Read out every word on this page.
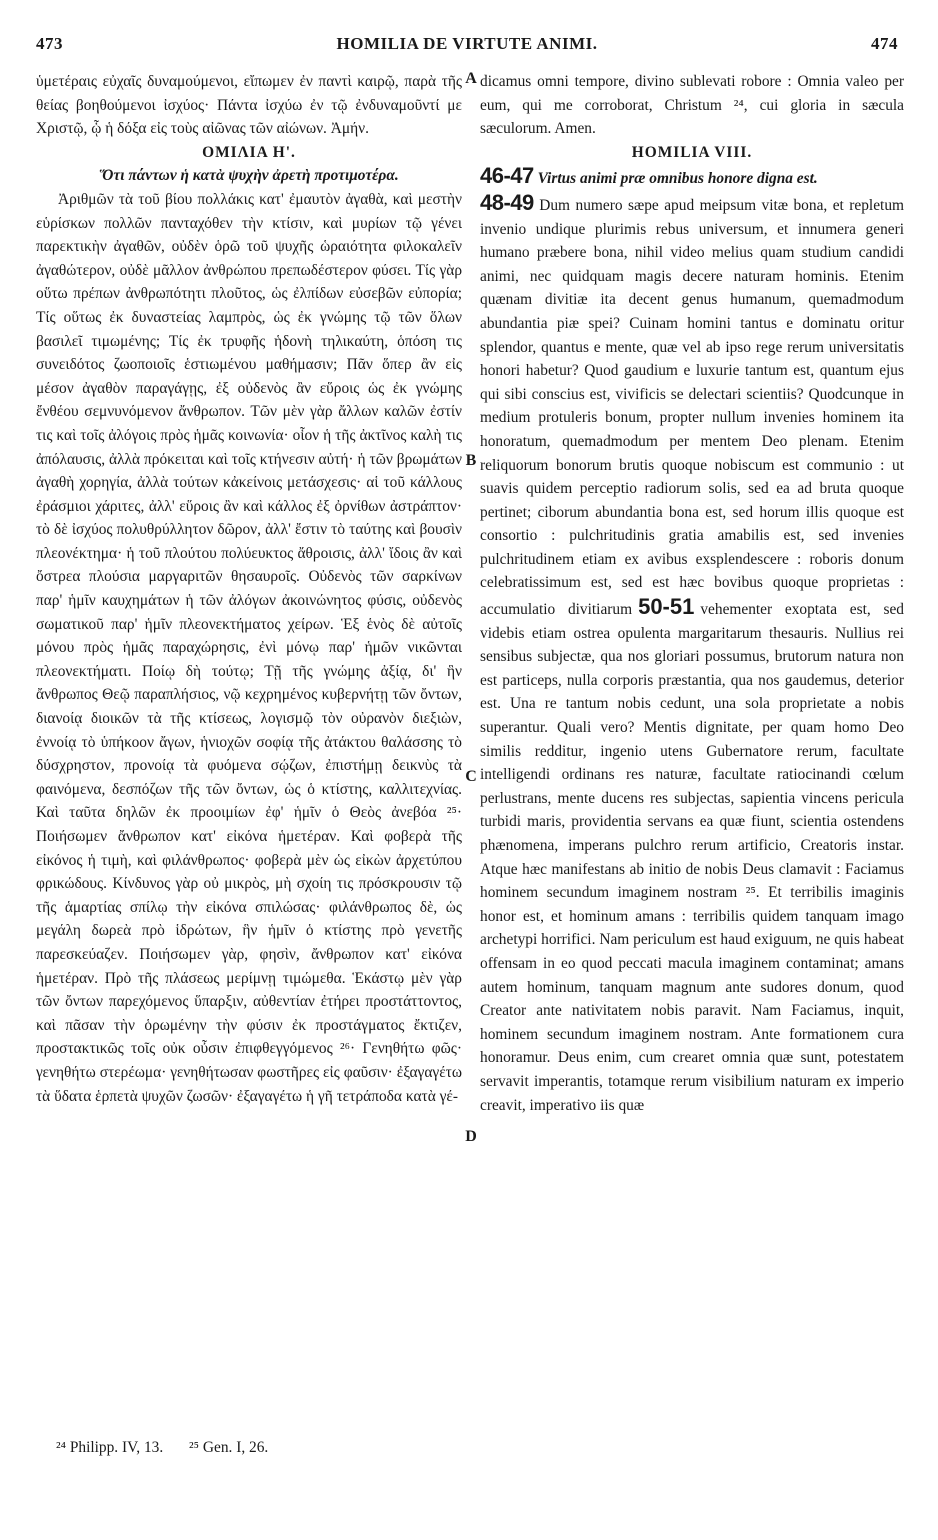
473	HOMILIA DE VIRTUTE ANIMI.	474

ὑμετέραις εὐχαῖς δυναμούμενοι, εἴπωμεν ἐν παντὶ καιρῷ, παρὰ τῆς θείας βοηθούμενοι ἰσχύος· Πάντα ἰσχύω ἐν τῷ ἐνδυναμοῦντί με Χριστῷ, ᾧ ἡ δόξα εἰς τοὺς αἰῶνας τῶν αἰώνων. Ἀμήν.

ΟΜΙΛΙΑ Η'.

Ὅτι πάντων ἡ κατὰ ψυχὴν ἀρετὴ προτιμοτέρα.

Ἀριθμῶν τὰ τοῦ βίου πολλάκις κατ' ἐμαυτὸν ἀγαθὰ, καὶ μεστὴν εὑρίσκων πολλῶν πανταχόθεν τὴν κτίσιν, καὶ μυρίων τῷ γένει παρεκτικὴν ἀγαθῶν, οὐδὲν ὁρῶ τοῦ ψυχῆς ὡραιότητα φιλοκαλεῖν ἀγαθώτερον, οὐδὲ μᾶλλον ἀνθρώπου πρεπωδέστερον φύσει. Τίς γὰρ οὕτω πρέπων ἀνθρωπότητι πλοῦτος, ὡς ἐλπίδων εὐσεβῶν εὐπορία; Τίς οὕτως ἐκ δυναστείας λαμπρὸς, ὡς ἐκ γνώμης τῷ τῶν ὅλων βασιλεῖ τιμωμένης; Τίς ἐκ τρυφῆς ἡδονὴ τηλικαύτη, ὁπόση τις συνειδότος ζωοποιοῖς ἑστιωμένου μαθήμασιν; Πᾶν ὅπερ ἂν εἰς μέσον ἀγαθὸν παραγάγῃς, ἐξ οὐδενὸς ἂν εὕροις ὡς ἐκ γνώμης ἔνθέου σεμνυνόμενον ἄνθρωπον. Τῶν μὲν γὰρ ἄλλων καλῶν ἐστίν τις καὶ τοῖς ἀλόγοις πρὸς ἡμᾶς κοινωνία· οἷον ἡ τῆς ἀκτῖνος καλὴ τις ἀπόλαυσις, ἀλλὰ πρόκειται καὶ τοῖς κτήνεσιν αὐτή· ἡ τῶν βρωμάτων ἀγαθὴ χορηγία, ἀλλὰ τούτων κἀκείνοις μετάσχεσις· αἱ τοῦ κάλλους ἐράσμιοι χάριτες, ἀλλ' εὕροις ἂν καὶ κάλλος ἐξ ὀρνίθων ἀστράπτον· τὸ δὲ ἰσχύος πολυθρύλλητον δῶρον, ἀλλ' ἔστιν τὸ ταύτης καὶ βουσὶν πλεονέκτημα· ἡ τοῦ πλούτου πολύευκτος ἄθροισις, ἀλλ' ἴδοις ἂν καὶ ὄστρεα πλούσια μαργαριτῶν θησαυροῖς. Οὐδενὸς τῶν σαρκίνων παρ' ἡμῖν καυχημάτων ἡ τῶν ἀλόγων ἀκοινώνητος φύσις, οὐδενὸς σωματικοῦ παρ' ἡμῖν πλεονεκτήματος χείρων. Ἑξ ἑνὸς δὲ αὐτοῖς μόνου πρὸς ἡμᾶς παραχώρησις, ἐνὶ μόνῳ παρ' ἡμῶν νικῶνται πλεονεκτήματι. Ποίῳ δὴ τούτῳ; Τῇ τῆς γνώμης ἀξίᾳ, δι' ἣν ἄνθρωπος Θεῷ παραπλήσιος, νῷ κεχρημένος κυβερνήτῃ τῶν ὄντων, διανοίᾳ διοικῶν τὰ τῆς κτίσεως, λογισμῷ τὸν οὐρανὸν διεξιὼν, ἐννοίᾳ τὸ ὑπήκοον ἄγων, ἡνιοχῶν σοφίᾳ τῆς ἀτάκτου θαλάσσης τὸ δύσχρηστον, προνοίᾳ τὰ φυόμενα σῴζων, ἐπιστήμῃ δεικνὺς τὰ φαινόμενα, δεσπόζων τῆς τῶν ὄντων, ὡς ὁ κτίστης, καλλιτεχνίας. Καὶ ταῦτα δηλῶν ἐκ προοιμίων ἐφ' ἡμῖν ὁ Θεὸς ἀνεβόα ²⁵· Ποιήσωμεν ἄνθρωπον κατ' εἰκόνα ἡμετέραν. Καὶ φοβερὰ τῆς εἰκόνος ἡ τιμὴ, καὶ φιλάνθρωπος· φοβερὰ μὲν ὡς εἰκὼν ἀρχετύπου φρικώδους. Κίνδυνος γὰρ οὐ μικρὸς, μὴ σχοίη τις πρόσκρουσιν τῷ τῆς ἁμαρτίας σπίλῳ τὴν εἰκόνα σπιλώσας· φιλάνθρωπος δὲ, ὡς μεγάλη δωρεὰ πρὸ ἱδρώτων, ἣν ἡμῖν ὁ κτίστης πρὸ γενετῆς παρεσκεύαζεν. Ποιήσωμεν γὰρ, φησὶν, ἄνθρωπον κατ' εἰκόνα ἡμετέραν. Πρὸ τῆς πλάσεως μερίμνῃ τιμώμεθα. Ἑκάστῳ μὲν γὰρ τῶν ὄντων παρεχόμενος ὕπαρξιν, αὐθεντίαν ἐτήρει προστάττοντος, καὶ πᾶσαν τὴν ὁρωμένην τὴν φύσιν ἐκ προστάγματος ἔκτιζεν, προστακτικῶς τοῖς οὐκ οὖσιν ἐπιφθεγγόμενος ²⁶· Γενηθήτω φῶς· γενηθήτω στερέωμα· γενηθήτωσαν φωστῆρες εἰς φαῦσιν· ἐξαγαγέτω τὰ ὕδατα ἑρπετὰ ψυχῶν ζωσῶν· ἐξαγαγέτω ἡ γῆ τετράποδα κατὰ γέ-

A
B
C
D

dicamus omni tempore, divino sublevati robore : Omnia valeo per eum, qui me corroborat, Christum ²⁴, cui gloria in sæcula sæculorum. Amen.

HOMILIA VIII.

46-47 Virtus animi præ omnibus honore digna est.

48-49 Dum numero sæpe apud meipsum vitæ bona, et repletum invenio undique plurimis rebus universum, et innumera generi humano præbere bona, nihil video melius quam studium candidi animi, nec quidquam magis decere naturam hominis. Etenim quænam divitiæ ita decent genus humanum, quemadmodum abundantia piæ spei? Cuinam homini tantus e dominatu oritur splendor, quantus e mente, quæ vel ab ipso rege rerum universitatis honori habetur? Quod gaudium e luxurie tantum est, quantum ejus qui sibi conscius est, vivificis se delectari scientiis? Quodcunque in medium protuleris bonum, propter nullum invenies hominem ita honoratum, quemadmodum per mentem Deo plenam. Etenim reliquorum bonorum brutis quoque nobiscum est communio : ut suavis quidem perceptio radiorum solis, sed ea ad bruta quoque pertinet; ciborum abundantia bona est, sed horum illis quoque est consortio : pulchritudinis gratia amabilis est, sed invenies pulchritudinem etiam ex avibus exsplendescere : roboris donum celebratissimum est, sed est hæc bovibus quoque proprietas : accumulatio divitiarum 50-51 vehementer exoptata est, sed videbis etiam ostrea opulenta margaritarum thesauris. Nullius rei sensibus subjectæ, qua nos gloriari possumus, brutorum natura non est particeps, nulla corporis præstantia, qua nos gaudemus, deterior est. Una re tantum nobis cedunt, una sola proprietate a nobis superantur. Quali vero? Mentis dignitate, per quam homo Deo similis redditur, ingenio utens Gubernatore rerum, facultate intelligendi ordinans res naturæ, facultate ratiocinandi cœlum perlustrans, mente ducens res subjectas, sapientia vincens pericula turbidi maris, providentia servans ea quæ fiunt, scientia ostendens phænomena, imperans pulchro rerum artificio, Creatoris instar. Atque hæc manifestans ab initio de nobis Deus clamavit : Faciamus hominem secundum imaginem nostram ²⁵. Et terribilis imaginis honor est, et hominum amans : terribilis quidem tanquam imago archetypi horrifici. Nam periculum est haud exiguum, ne quis habeat offensam in eo quod peccati macula imaginem contaminat; amans autem hominum, tanquam magnum ante sudores donum, quod Creator ante nativitatem nobis paravit. Nam Faciamus, inquit, hominem secundum imaginem nostram. Ante formationem cura honoramur. Deus enim, cum crearet omnia quæ sunt, potestatem servavit imperantis, totamque rerum visibilium naturam ex imperio creavit, imperativo iis quæ

²⁴ Philipp. IV, 13. ²⁵ Gen. I, 26.
